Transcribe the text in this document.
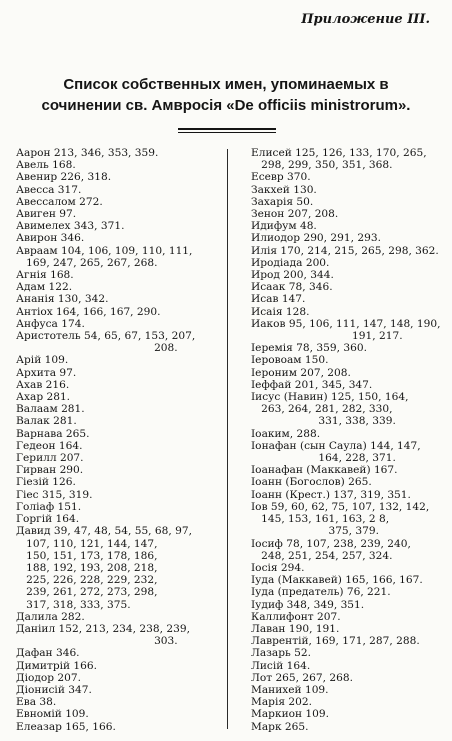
Приложение III.
Список собственных имен, упоминаемых в
сочинении св. Амвросія «De officiis ministrorum».
Аарон 213, 346, 353, 359.
Авель 168.
Авенир 226, 318.
Авесса 317.
Авессалом 272.
Авиген 97.
Авимелех 343, 371.
Авирон 346.
Авраам 104, 106, 109, 110, 111,
169, 247, 265, 267, 268.
Агнія 168.
Адам 122.
Ананія 130, 342.
Антіох 164, 166, 167, 290.
Анфуса 174.
Аристотель 54, 65, 67, 153, 207,
208.
Арій 109.
Архита 97.
Ахав 216.
Ахар 281.
Валаам 281.
Валак 281.
Варнава 265.
Гедеон 164.
Герилл 207.
Гирван 290.
Гіезій 126.
Гіес 315, 319.
Голіаф 151.
Горгій 164.
Давид 39, 47, 48, 54, 55, 68, 97,
107, 110, 121, 144, 147,
150, 151, 173, 178, 186,
188, 192, 193, 208, 218,
225, 226, 228, 229, 232,
239, 261, 272, 273, 298,
317, 318, 333, 375.
Далила 282.
Даніил 152, 213, 234, 238, 239,
303.
Дафан 346.
Димитрій 166.
Діодор 207.
Діонисій 347.
Ева 38.
Евномій 109.
Елеазар 165, 166.
Елисей 125, 126, 133, 170, 265,
298, 299, 350, 351, 368.
Есевр 370.
Закхей 130.
Захарія 50.
Зенон 207, 208.
Идифум 48.
Илиодор 290, 291, 293.
Илія 170, 214, 215, 265, 298, 362.
Иродіада 200.
Ирод 200, 344.
Исаак 78, 346.
Исав 147.
Исаія 128.
Иаков 95, 106, 111, 147, 148, 190,
191, 217.
Іеремія 78, 359, 360.
Іеровоам 150.
Іероним 207, 208.
Іеффай 201, 345, 347.
Іисус (Навин) 125, 150, 164,
263, 264, 281, 282, 330,
331, 338, 339.
Іоаким, 288.
Іонафан (сын Саула) 144, 147,
164, 228, 371.
Іоанафан (Маккавей) 167.
Іоанн (Богослов) 265.
Іоанн (Крест.) 137, 319, 351.
Іов 59, 60, 62, 75, 107, 132, 142,
145, 153, 161, 163, 2 8,
375, 379.
Іосиф 78, 107, 238, 239, 240,
248, 251, 254, 257, 324.
Іосія 294.
Іуда (Маккавей) 165, 166, 167.
Іуда (предатель) 76, 221.
Іудиф 348, 349, 351.
Каллифонт 207.
Лаван 190, 191.
Лаврентій, 169, 171, 287, 288.
Лазарь 52.
Лисій 164.
Лот 265, 267, 268.
Манихей 109.
Марія 202.
Маркион 109.
Марк 265.
